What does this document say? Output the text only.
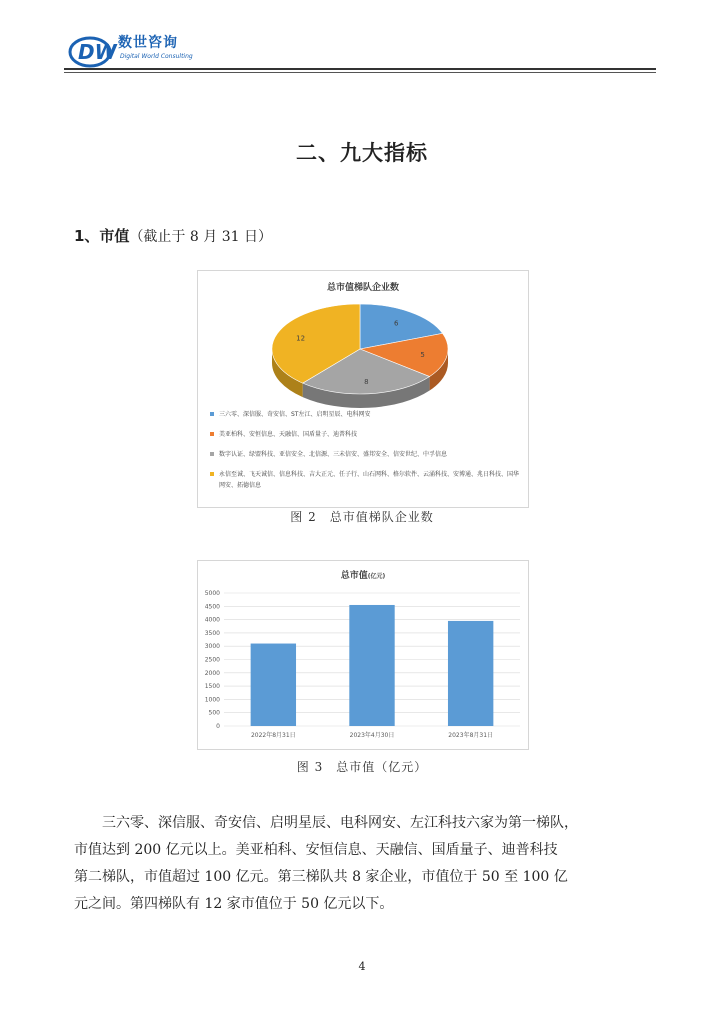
DW 数世咨询
Digital World Consulting
二、九大指标
1、市值（截止于 8 月 31 日）
总市值梯队企业数
6
5
8
12
三六零、深信服、奇安信、ST左江、启明星辰、电科网安
美亚柏科、安恒信息、天融信、国盾量子、迪普科技
数字认证、绿盟科技、亚信安全、北信源、三未信安、盛邦安全、信安世纪、中孚信息
永信至诚、飞天诚信、信息科技、吉大正元、任子行、山石网科、格尔软件、云涌科技、安博通、兆日科技、国华网安、拓德信息
图 2　总市值梯队企业数
总市值(亿元)
0
500
1000
1500
2000
2500
3000
3500
4000
4500
5000
2022年8月31日	2023年4月30日	2023年8月31日
图 3　总市值（亿元）
三六零、深信服、奇安信、启明星辰、电科网安、左江科技六家为第一梯队，
市值达到 200 亿元以上。美亚柏科、安恒信息、天融信、国盾量子、迪普科技
第二梯队，市值超过 100 亿元。第三梯队共 8 家企业，市值位于 50 至 100 亿
元之间。第四梯队有 12 家市值位于 50 亿元以下。
4
